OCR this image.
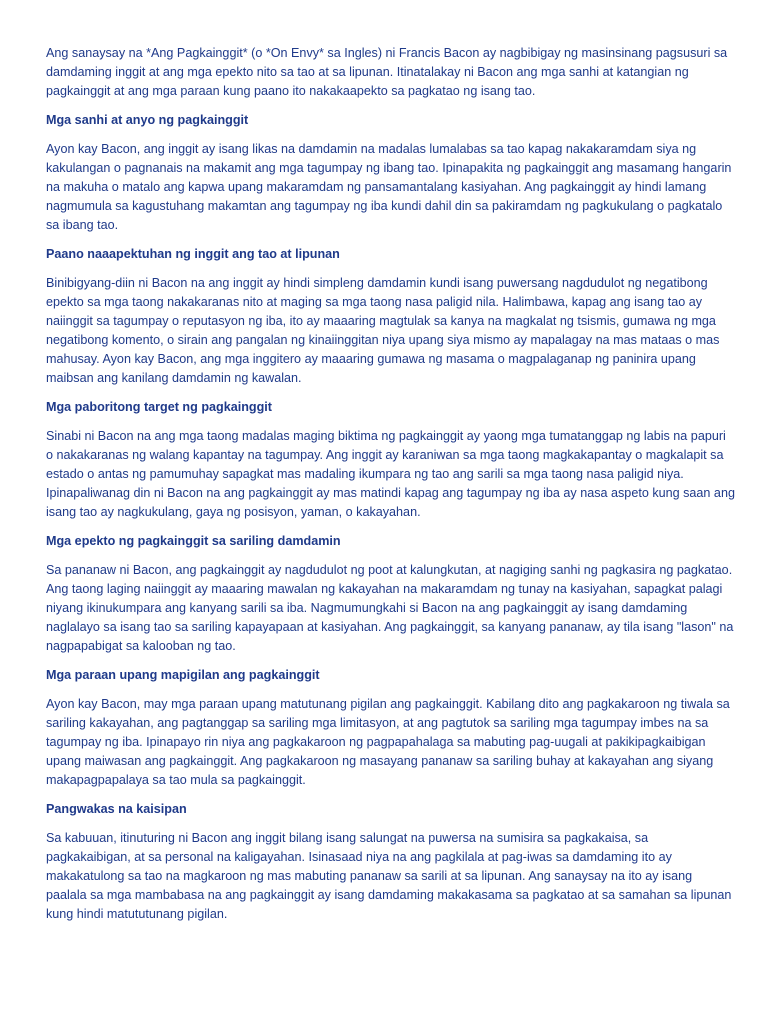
Ang sanaysay na *Ang Pagkainggit* (o *On Envy* sa Ingles) ni Francis Bacon ay nagbibigay ng masinsinang pagsusuri sa damdaming inggit at ang mga epekto nito sa tao at sa lipunan. Itinatalakay ni Bacon ang mga sanhi at katangian ng pagkainggit at ang mga paraan kung paano ito nakakaapekto sa pagkatao ng isang tao.

Mga sanhi at anyo ng pagkainggit

Ayon kay Bacon, ang inggit ay isang likas na damdamin na madalas lumalabas sa tao kapag nakakaramdam siya ng kakulangan o pagnanais na makamit ang mga tagumpay ng ibang tao. Ipinapakita ng pagkainggit ang masamang hangarin na makuha o matalo ang kapwa upang makaramdam ng pansamantalang kasiyahan. Ang pagkainggit ay hindi lamang nagmumula sa kagustuhang makamtan ang tagumpay ng iba kundi dahil din sa pakiramdam ng pagkukulang o pagkatalo sa ibang tao.

Paano naaapektuhan ng inggit ang tao at lipunan

Binibigyang-diin ni Bacon na ang inggit ay hindi simpleng damdamin kundi isang puwersang nagdudulot ng negatibong epekto sa mga taong nakakaranas nito at maging sa mga taong nasa paligid nila. Halimbawa, kapag ang isang tao ay naiinggit sa tagumpay o reputasyon ng iba, ito ay maaaring magtulak sa kanya na magkalat ng tsismis, gumawa ng mga negatibong komento, o sirain ang pangalan ng kinaiinggitan niya upang siya mismo ay mapalagay na mas mataas o mas mahusay. Ayon kay Bacon, ang mga inggitero ay maaaring gumawa ng masama o magpalaganap ng paninira upang maibsan ang kanilang damdamin ng kawalan.

Mga paboritong target ng pagkainggit

Sinabi ni Bacon na ang mga taong madalas maging biktima ng pagkainggit ay yaong mga tumatanggap ng labis na papuri o nakakaranas ng walang kapantay na tagumpay. Ang inggit ay karaniwan sa mga taong magkakapantay o magkalapit sa estado o antas ng pamumuhay sapagkat mas madaling ikumpara ng tao ang sarili sa mga taong nasa paligid niya. Ipinapaliwanag din ni Bacon na ang pagkainggit ay mas matindi kapag ang tagumpay ng iba ay nasa aspeto kung saan ang isang tao ay nagkukulang, gaya ng posisyon, yaman, o kakayahan.

Mga epekto ng pagkainggit sa sariling damdamin

Sa pananaw ni Bacon, ang pagkainggit ay nagdudulot ng poot at kalungkutan, at nagiging sanhi ng pagkasira ng pagkatao. Ang taong laging naiinggit ay maaaring mawalan ng kakayahan na makaramdam ng tunay na kasiyahan, sapagkat palagi niyang ikinukumpara ang kanyang sarili sa iba. Nagmumungkahi si Bacon na ang pagkainggit ay isang damdaming naglalayo sa isang tao sa sariling kapayapaan at kasiyahan. Ang pagkainggit, sa kanyang pananaw, ay tila isang "lason" na nagpapabigat sa kalooban ng tao.

Mga paraan upang mapigilan ang pagkainggit

Ayon kay Bacon, may mga paraan upang matutunang pigilan ang pagkainggit. Kabilang dito ang pagkakaroon ng tiwala sa sariling kakayahan, ang pagtanggap sa sariling mga limitasyon, at ang pagtutok sa sariling mga tagumpay imbes na sa tagumpay ng iba. Ipinapayo rin niya ang pagkakaroon ng pagpapahalaga sa mabuting pag-uugali at pakikipagkaibigan upang maiwasan ang pagkainggit. Ang pagkakaroon ng masayang pananaw sa sariling buhay at kakayahan ang siyang makapagpapalaya sa tao mula sa pagkainggit.

Pangwakas na kaisipan

Sa kabuuan, itinuturing ni Bacon ang inggit bilang isang salungat na puwersa na sumisira sa pagkakaisa, sa pagkakaibigan, at sa personal na kaligayahan. Isinasaad niya na ang pagkilala at pag-iwas sa damdaming ito ay makakatulong sa tao na magkaroon ng mas mabuting pananaw sa sarili at sa lipunan. Ang sanaysay na ito ay isang paalala sa mga mambabasa na ang pagkainggit ay isang damdaming makakasama sa pagkatao at sa samahan sa lipunan kung hindi matututunang pigilan.
